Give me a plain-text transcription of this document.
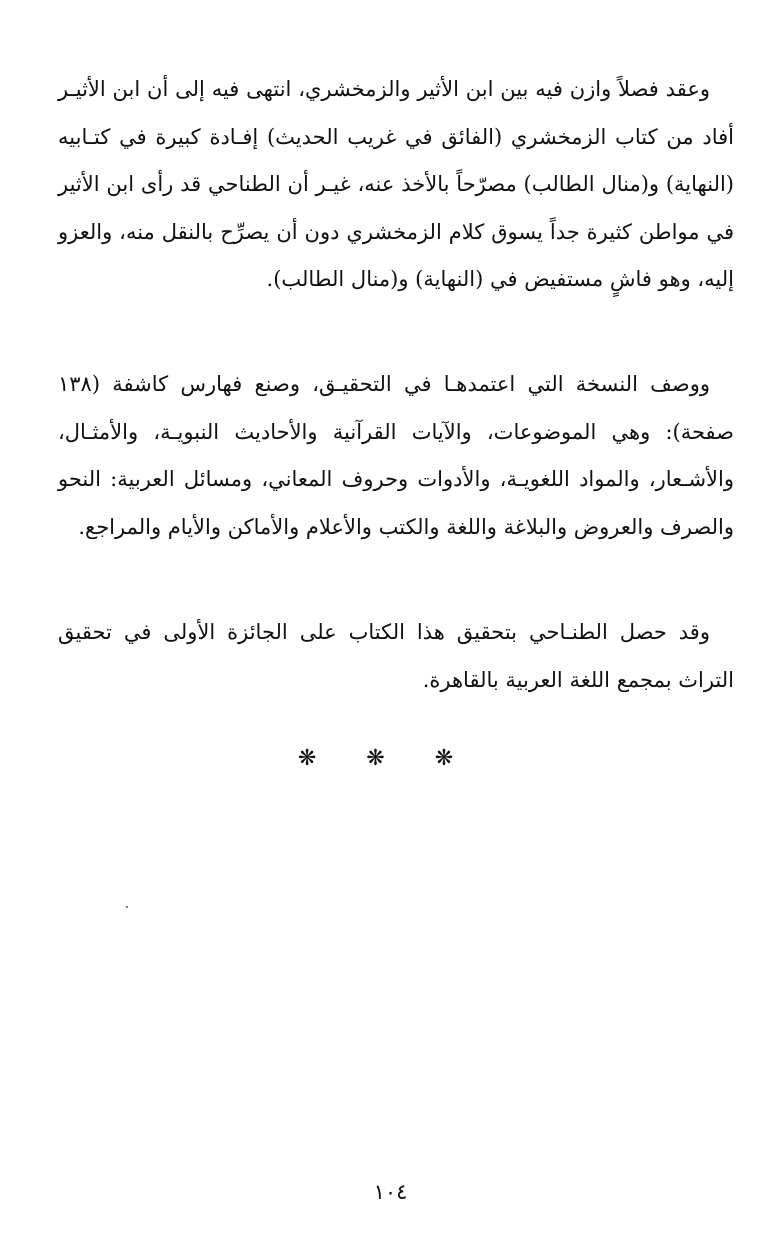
وعقد فصلاً وازن فيه بين ابن الأثير والزمخشري، انتهى فيه إلى أن ابن الأثيـر أفاد من كتاب الزمخشري (الفائق في غريب الحديث) إفـادة كبيرة في كتـابيه (النهاية) و(منال الطالب) مصرّحاً بالأخذ عنه، غيـر أن الطناحي قد رأى ابن الأثير في مواطن كثيرة جداً يسوق كلام الزمخشري دون أن يصرِّح بالنقل منه، والعزو إليه، وهو فاشٍ مستفيض في (النهاية) و(منال الطالب).

ووصف النسخة التي اعتمدهـا في التحقيـق، وصنع فهارس كاشفة (١٣٨ صفحة): وهي الموضوعات، والآيات القرآنية والأحاديث النبويـة، والأمثـال، والأشـعار، والمواد اللغويـة، والأدوات وحروف المعاني، ومسائل العربية: النحو والصرف والعروض والبلاغة واللغة والكتب والأعلام والأماكن والأيام والمراجع.

وقد حصل الطنـاحي بتحقيق هذا الكتاب على الجائزة الأولى في تحقيق التراث بمجمع اللغة العربية بالقاهرة.

❋❋❋
١٠٤
